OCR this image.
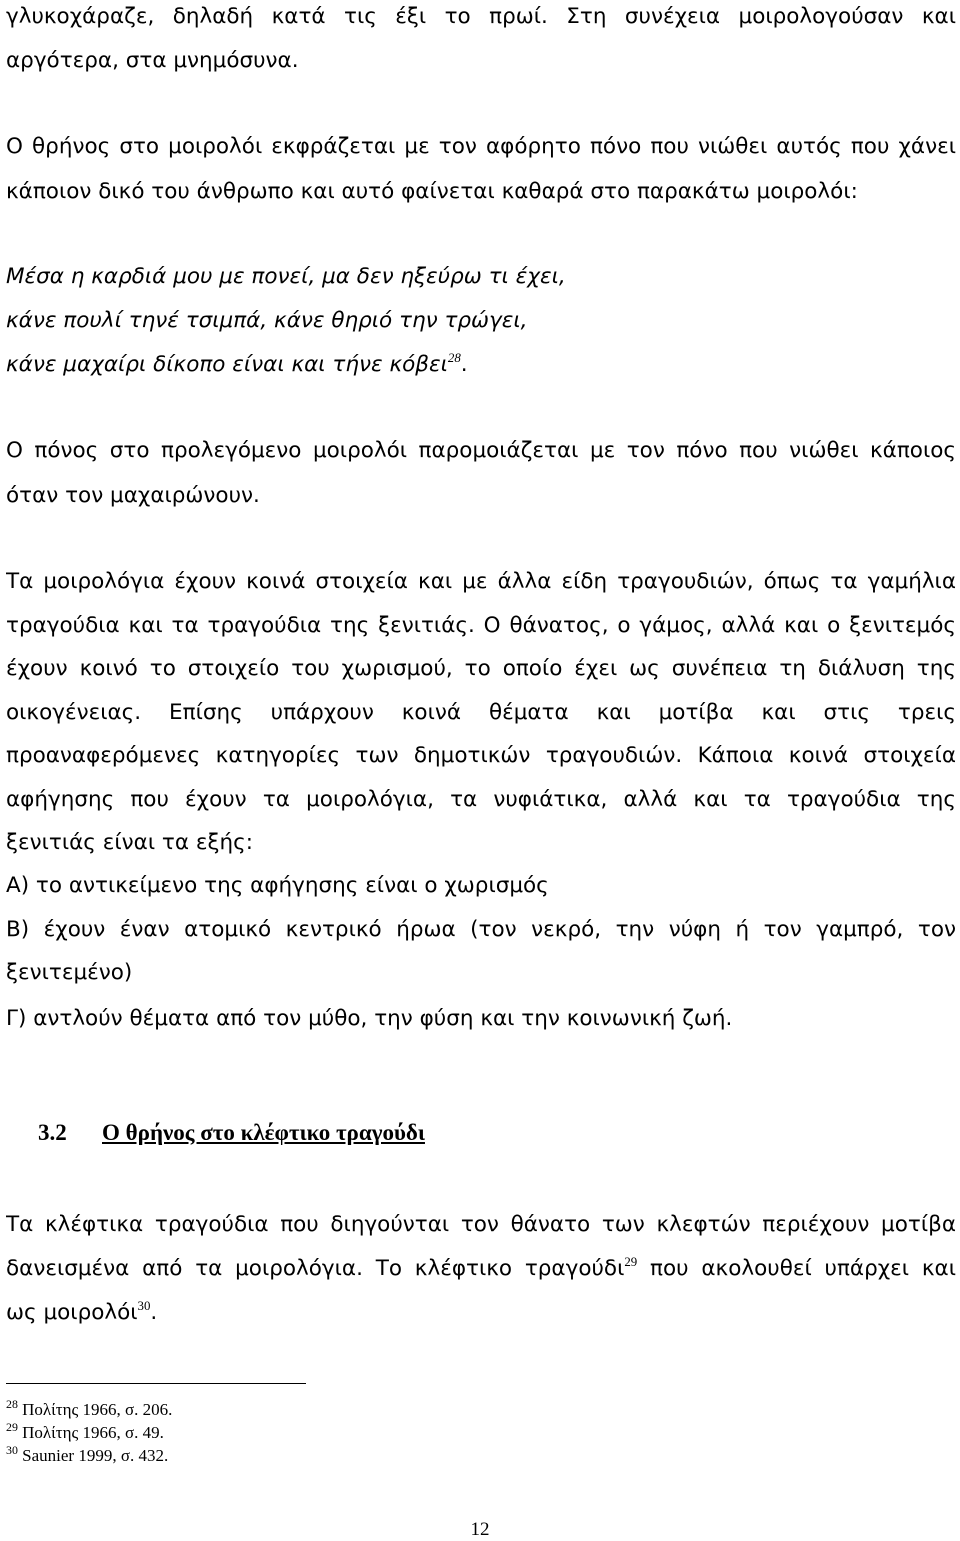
γλυκοχάραζε, δηλαδή κατά τις έξι το πρωί. Στη συνέχεια μοιρολογούσαν και
αργότερα, στα μνημόσυνα.
Ο θρήνος στο μοιρολόι εκφράζεται με τον αφόρητο πόνο που νιώθει αυτός που χάνει
κάποιον δικό του άνθρωπο και αυτό φαίνεται καθαρά στο παρακάτω μοιρολόι:
Μέσα η καρδιά μου με πονεί, μα δεν ηξεύρω τι έχει,
κάνε πουλί τηνέ τσιμπά, κάνε θηριό την τρώγει,
κάνε μαχαίρι δίκοπο είναι και τήνε κόβει$^{28}$.
Ο πόνος στο προλεγόμενο μοιρολόι παρομοιάζεται με τον πόνο που νιώθει κάποιος
όταν τον μαχαιρώνουν.
Τα μοιρολόγια έχουν κοινά στοιχεία και με άλλα είδη τραγουδιών, όπως τα γαμήλια
τραγούδια και τα τραγούδια της ξενιτιάς. Ο θάνατος, ο γάμος, αλλά και ο ξενιτεμός
έχουν κοινό το στοιχείο του χωρισμού, το οποίο έχει ως συνέπεια τη διάλυση της
οικογένειας. Επίσης υπάρχουν κοινά θέματα και μοτίβα και στις τρεις
προαναφερόμενες κατηγορίες των δημοτικών τραγουδιών. Κάποια κοινά στοιχεία
αφήγησης που έχουν τα μοιρολόγια, τα νυφιάτικα, αλλά και τα τραγούδια της
ξενιτιάς είναι τα εξής:
Α) το αντικείμενο της αφήγησης είναι ο χωρισμός
Β) έχουν έναν ατομικό κεντρικό ήρωα (τον νεκρό, την νύφη ή τον γαμπρό, τον
ξενιτεμένο)
Γ) αντλούν θέματα από τον μύθο, την φύση και την κοινωνική ζωή.
3.2 Ο θρήνος στο κλέφτικο τραγούδι
Τα κλέφτικα τραγούδια που διηγούνται τον θάνατο των κλεφτών περιέχουν μοτίβα
δανεισμένα από τα μοιρολόγια. Το κλέφτικο τραγούδι$^{29}$ που ακολουθεί υπάρχει και
ως μοιρολόι$^{30}$.
$^{28}$ Πολίτης 1966, σ. 206.
$^{29}$ Πολίτης 1966, σ. 49.
$^{30}$ Saunier 1999, σ. 432.
12
